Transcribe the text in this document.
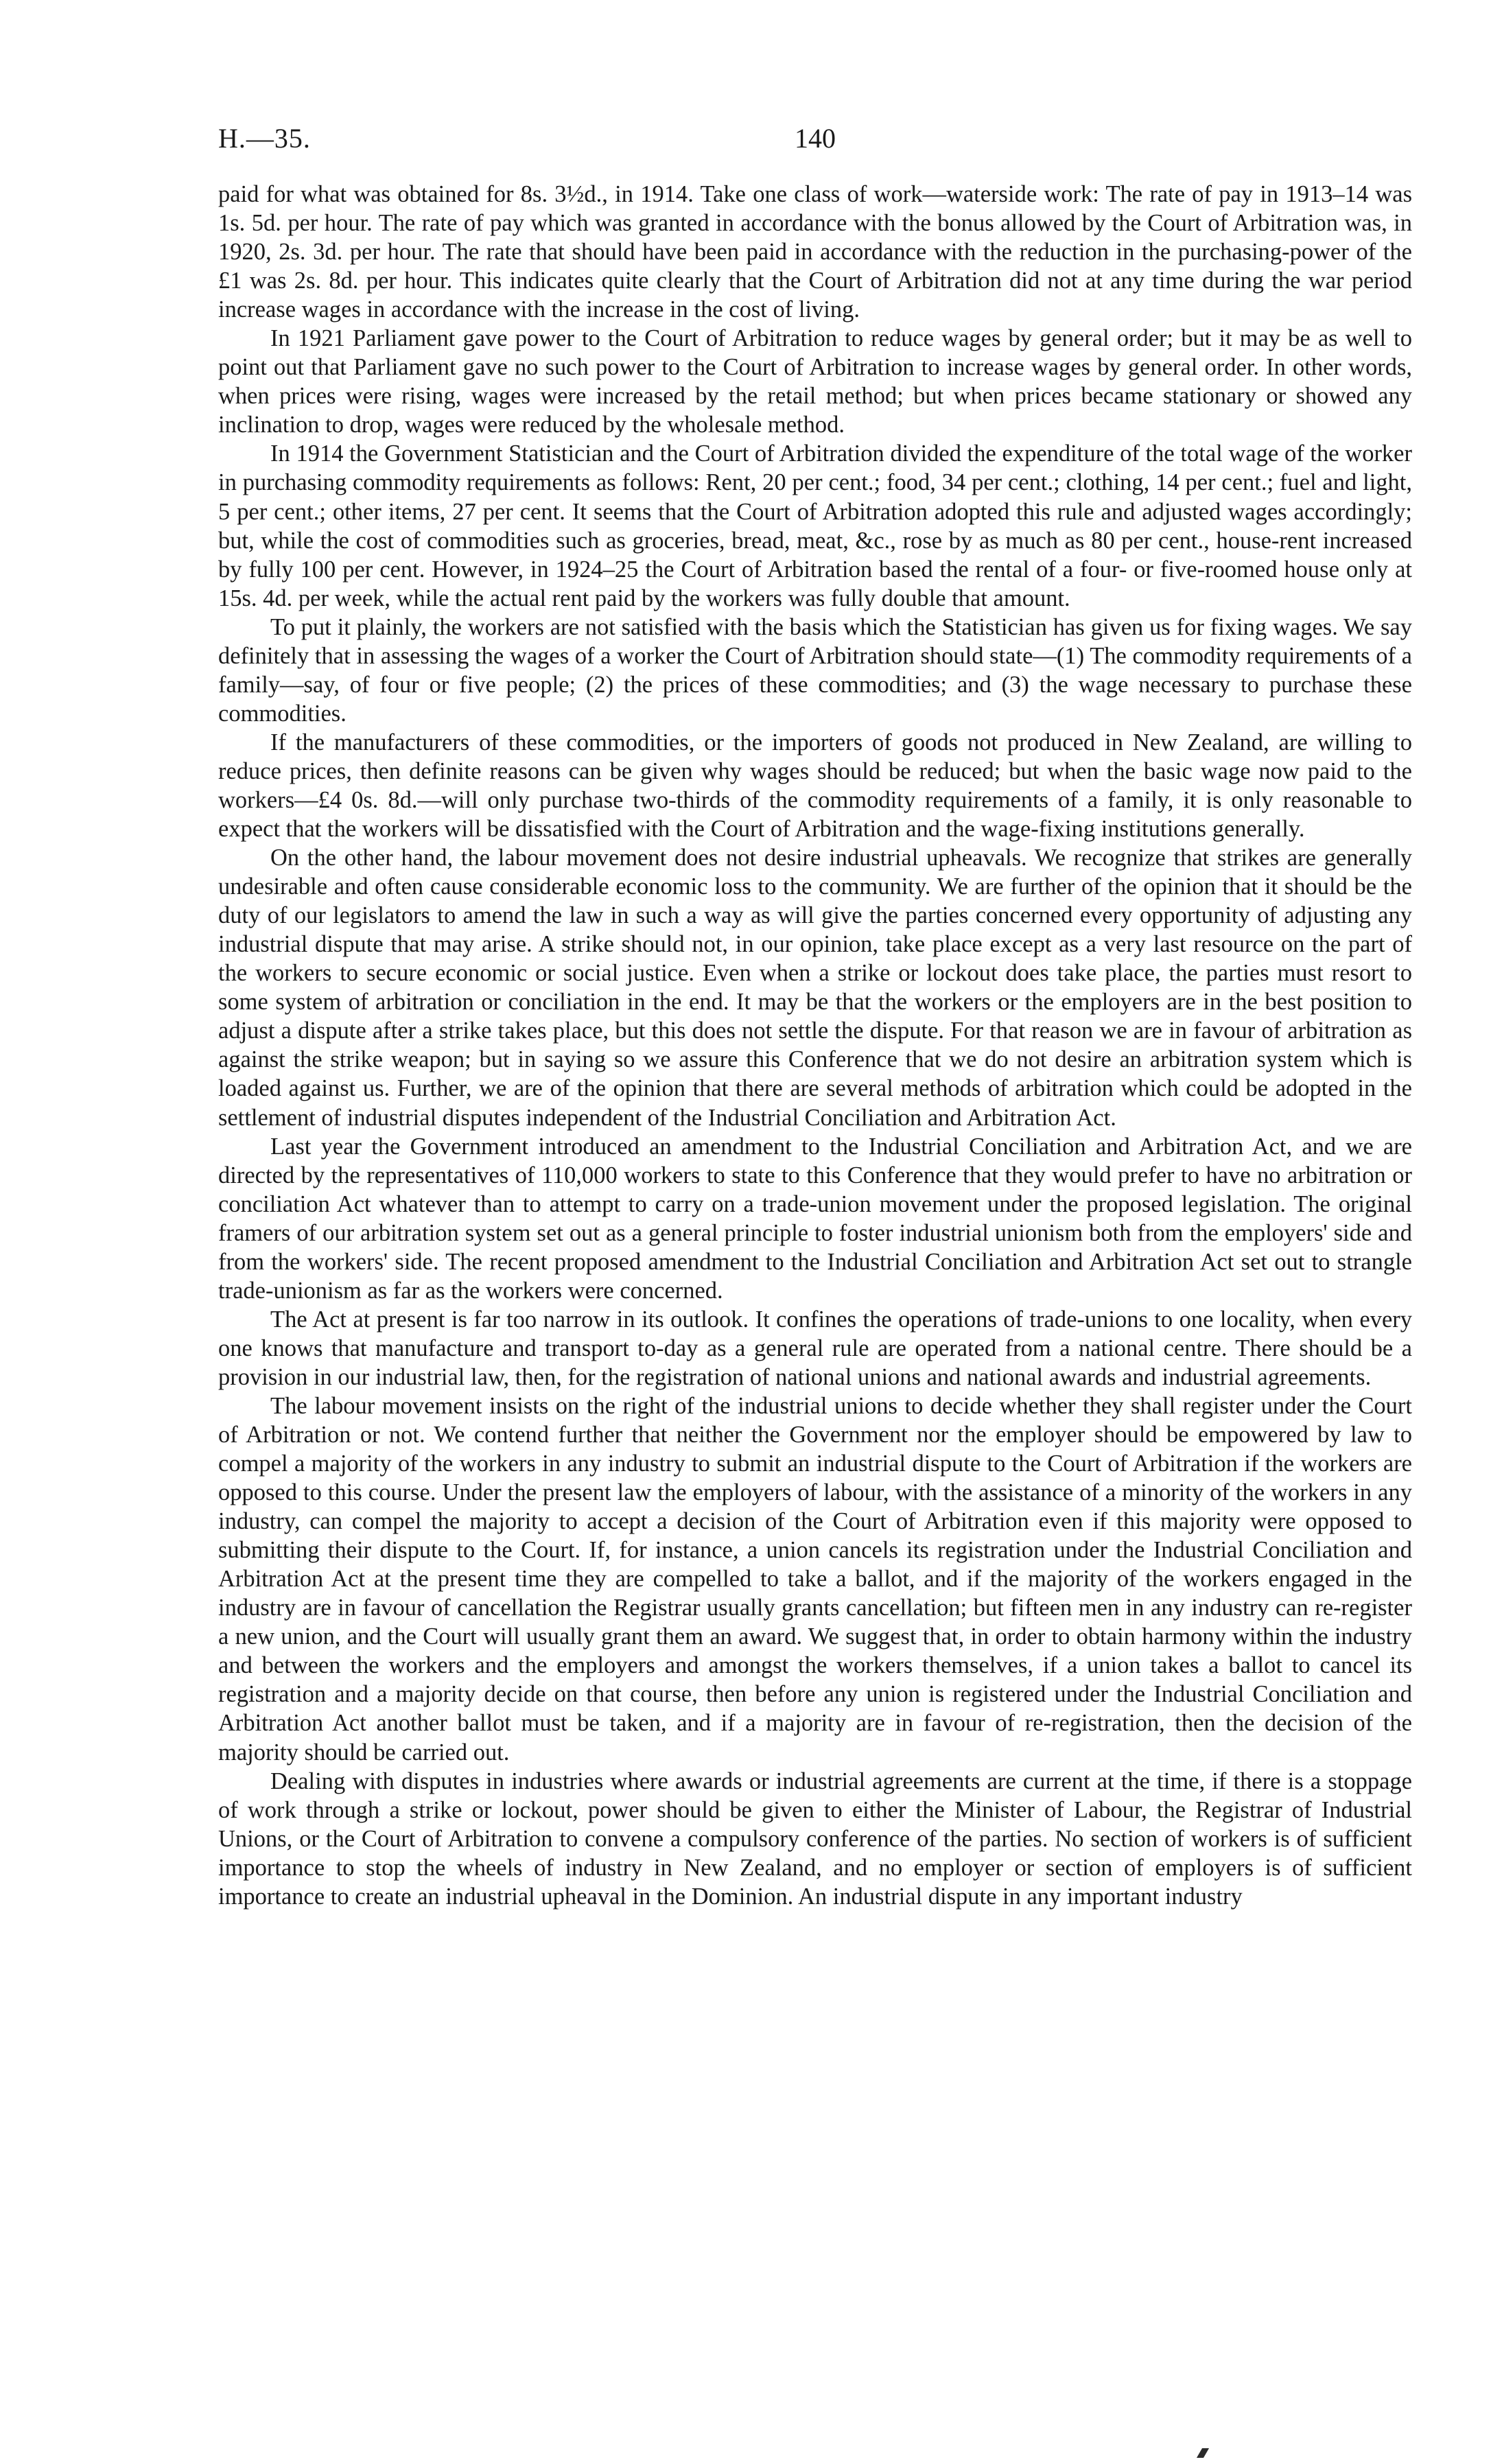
H.—35.	140

paid for what was obtained for 8s. 3½d., in 1914. Take one class of work—waterside work: The rate of pay in 1913–14 was 1s. 5d. per hour. The rate of pay which was granted in accordance with the bonus allowed by the Court of Arbitration was, in 1920, 2s. 3d. per hour. The rate that should have been paid in accordance with the reduction in the purchasing-power of the £1 was 2s. 8d. per hour. This indicates quite clearly that the Court of Arbitration did not at any time during the war period increase wages in accordance with the increase in the cost of living.

In 1921 Parliament gave power to the Court of Arbitration to reduce wages by general order; but it may be as well to point out that Parliament gave no such power to the Court of Arbitration to increase wages by general order. In other words, when prices were rising, wages were increased by the retail method; but when prices became stationary or showed any inclination to drop, wages were reduced by the wholesale method.

In 1914 the Government Statistician and the Court of Arbitration divided the expenditure of the total wage of the worker in purchasing commodity requirements as follows: Rent, 20 per cent.; food, 34 per cent.; clothing, 14 per cent.; fuel and light, 5 per cent.; other items, 27 per cent. It seems that the Court of Arbitration adopted this rule and adjusted wages accordingly; but, while the cost of commodities such as groceries, bread, meat, &c., rose by as much as 80 per cent., house-rent increased by fully 100 per cent. However, in 1924–25 the Court of Arbitration based the rental of a four- or five-roomed house only at 15s. 4d. per week, while the actual rent paid by the workers was fully double that amount.

To put it plainly, the workers are not satisfied with the basis which the Statistician has given us for fixing wages. We say definitely that in assessing the wages of a worker the Court of Arbitration should state—(1) The commodity requirements of a family—say, of four or five people; (2) the prices of these commodities; and (3) the wage necessary to purchase these commodities.

If the manufacturers of these commodities, or the importers of goods not produced in New Zealand, are willing to reduce prices, then definite reasons can be given why wages should be reduced; but when the basic wage now paid to the workers—£4 0s. 8d.—will only purchase two-thirds of the commodity requirements of a family, it is only reasonable to expect that the workers will be dissatisfied with the Court of Arbitration and the wage-fixing institutions generally.

On the other hand, the labour movement does not desire industrial upheavals. We recognize that strikes are generally undesirable and often cause considerable economic loss to the community. We are further of the opinion that it should be the duty of our legislators to amend the law in such a way as will give the parties concerned every opportunity of adjusting any industrial dispute that may arise. A strike should not, in our opinion, take place except as a very last resource on the part of the workers to secure economic or social justice. Even when a strike or lockout does take place, the parties must resort to some system of arbitration or conciliation in the end. It may be that the workers or the employers are in the best position to adjust a dispute after a strike takes place, but this does not settle the dispute. For that reason we are in favour of arbitration as against the strike weapon; but in saying so we assure this Conference that we do not desire an arbitration system which is loaded against us. Further, we are of the opinion that there are several methods of arbitration which could be adopted in the settlement of industrial disputes independent of the Industrial Conciliation and Arbitration Act.

Last year the Government introduced an amendment to the Industrial Conciliation and Arbitration Act, and we are directed by the representatives of 110,000 workers to state to this Conference that they would prefer to have no arbitration or conciliation Act whatever than to attempt to carry on a trade-union movement under the proposed legislation. The original framers of our arbitration system set out as a general principle to foster industrial unionism both from the employers' side and from the workers' side. The recent proposed amendment to the Industrial Conciliation and Arbitration Act set out to strangle trade-unionism as far as the workers were concerned.

The Act at present is far too narrow in its outlook. It confines the operations of trade-unions to one locality, when every one knows that manufacture and transport to-day as a general rule are operated from a national centre. There should be a provision in our industrial law, then, for the registration of national unions and national awards and industrial agreements.

The labour movement insists on the right of the industrial unions to decide whether they shall register under the Court of Arbitration or not. We contend further that neither the Government nor the employer should be empowered by law to compel a majority of the workers in any industry to submit an industrial dispute to the Court of Arbitration if the workers are opposed to this course. Under the present law the employers of labour, with the assistance of a minority of the workers in any industry, can compel the majority to accept a decision of the Court of Arbitration even if this majority were opposed to submitting their dispute to the Court. If, for instance, a union cancels its registration under the Industrial Conciliation and Arbitration Act at the present time they are compelled to take a ballot, and if the majority of the workers engaged in the industry are in favour of cancellation the Registrar usually grants cancellation; but fifteen men in any industry can re-register a new union, and the Court will usually grant them an award. We suggest that, in order to obtain harmony within the industry and between the workers and the employers and amongst the workers themselves, if a union takes a ballot to cancel its registration and a majority decide on that course, then before any union is registered under the Industrial Conciliation and Arbitration Act another ballot must be taken, and if a majority are in favour of re-registration, then the decision of the majority should be carried out.

Dealing with disputes in industries where awards or industrial agreements are current at the time, if there is a stoppage of work through a strike or lockout, power should be given to either the Minister of Labour, the Registrar of Industrial Unions, or the Court of Arbitration to convene a compulsory conference of the parties. No section of workers is of sufficient importance to stop the wheels of industry in New Zealand, and no employer or section of employers is of sufficient importance to create an industrial upheaval in the Dominion. An industrial dispute in any important industry
